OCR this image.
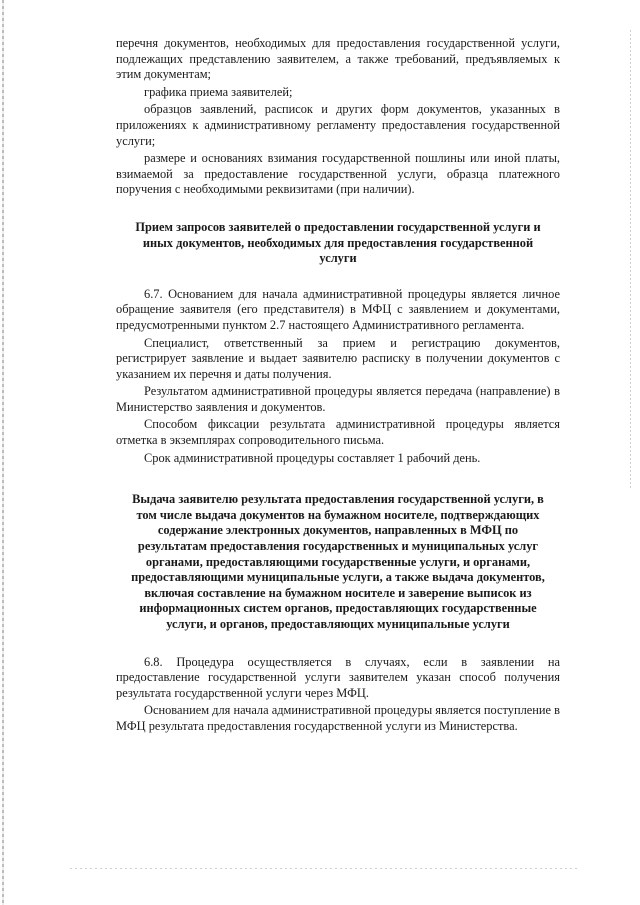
перечня документов, необходимых для предоставления государственной услуги, подлежащих представлению заявителем, а также требований, предъявляемых к этим документам;

графика приема заявителей;

образцов заявлений, расписок и других форм документов, указанных в приложениях к административному регламенту предоставления государственной услуги;

размере и основаниях взимания государственной пошлины или иной платы, взимаемой за предоставление государственной услуги, образца платежного поручения с необходимыми реквизитами (при наличии).

Прием запросов заявителей о предоставлении государственной услуги и иных документов, необходимых для предоставления государственной услуги

6.7. Основанием для начала административной процедуры является личное обращение заявителя (его представителя) в МФЦ с заявлением и документами, предусмотренными пунктом 2.7 настоящего Административного регламента.

Специалист, ответственный за прием и регистрацию документов, регистрирует заявление и выдает заявителю расписку в получении документов с указанием их перечня и даты получения.

Результатом административной процедуры является передача (направление) в Министерство заявления и документов.

Способом фиксации результата административной процедуры является отметка в экземплярах сопроводительного письма.

Срок административной процедуры составляет 1 рабочий день.

Выдача заявителю результата предоставления государственной услуги, в том числе выдача документов на бумажном носителе, подтверждающих содержание электронных документов, направленных в МФЦ по результатам предоставления государственных и муниципальных услуг органами, предоставляющими государственные услуги, и органами, предоставляющими муниципальные услуги, а также выдача документов, включая составление на бумажном носителе и заверение выписок из информационных систем органов, предоставляющих государственные услуги, и органов, предоставляющих муниципальные услуги

6.8. Процедура осуществляется в случаях, если в заявлении на предоставление государственной услуги заявителем указан способ получения результата государственной услуги через МФЦ.

Основанием для начала административной процедуры является поступление в МФЦ результата предоставления государственной услуги из Министерства.
